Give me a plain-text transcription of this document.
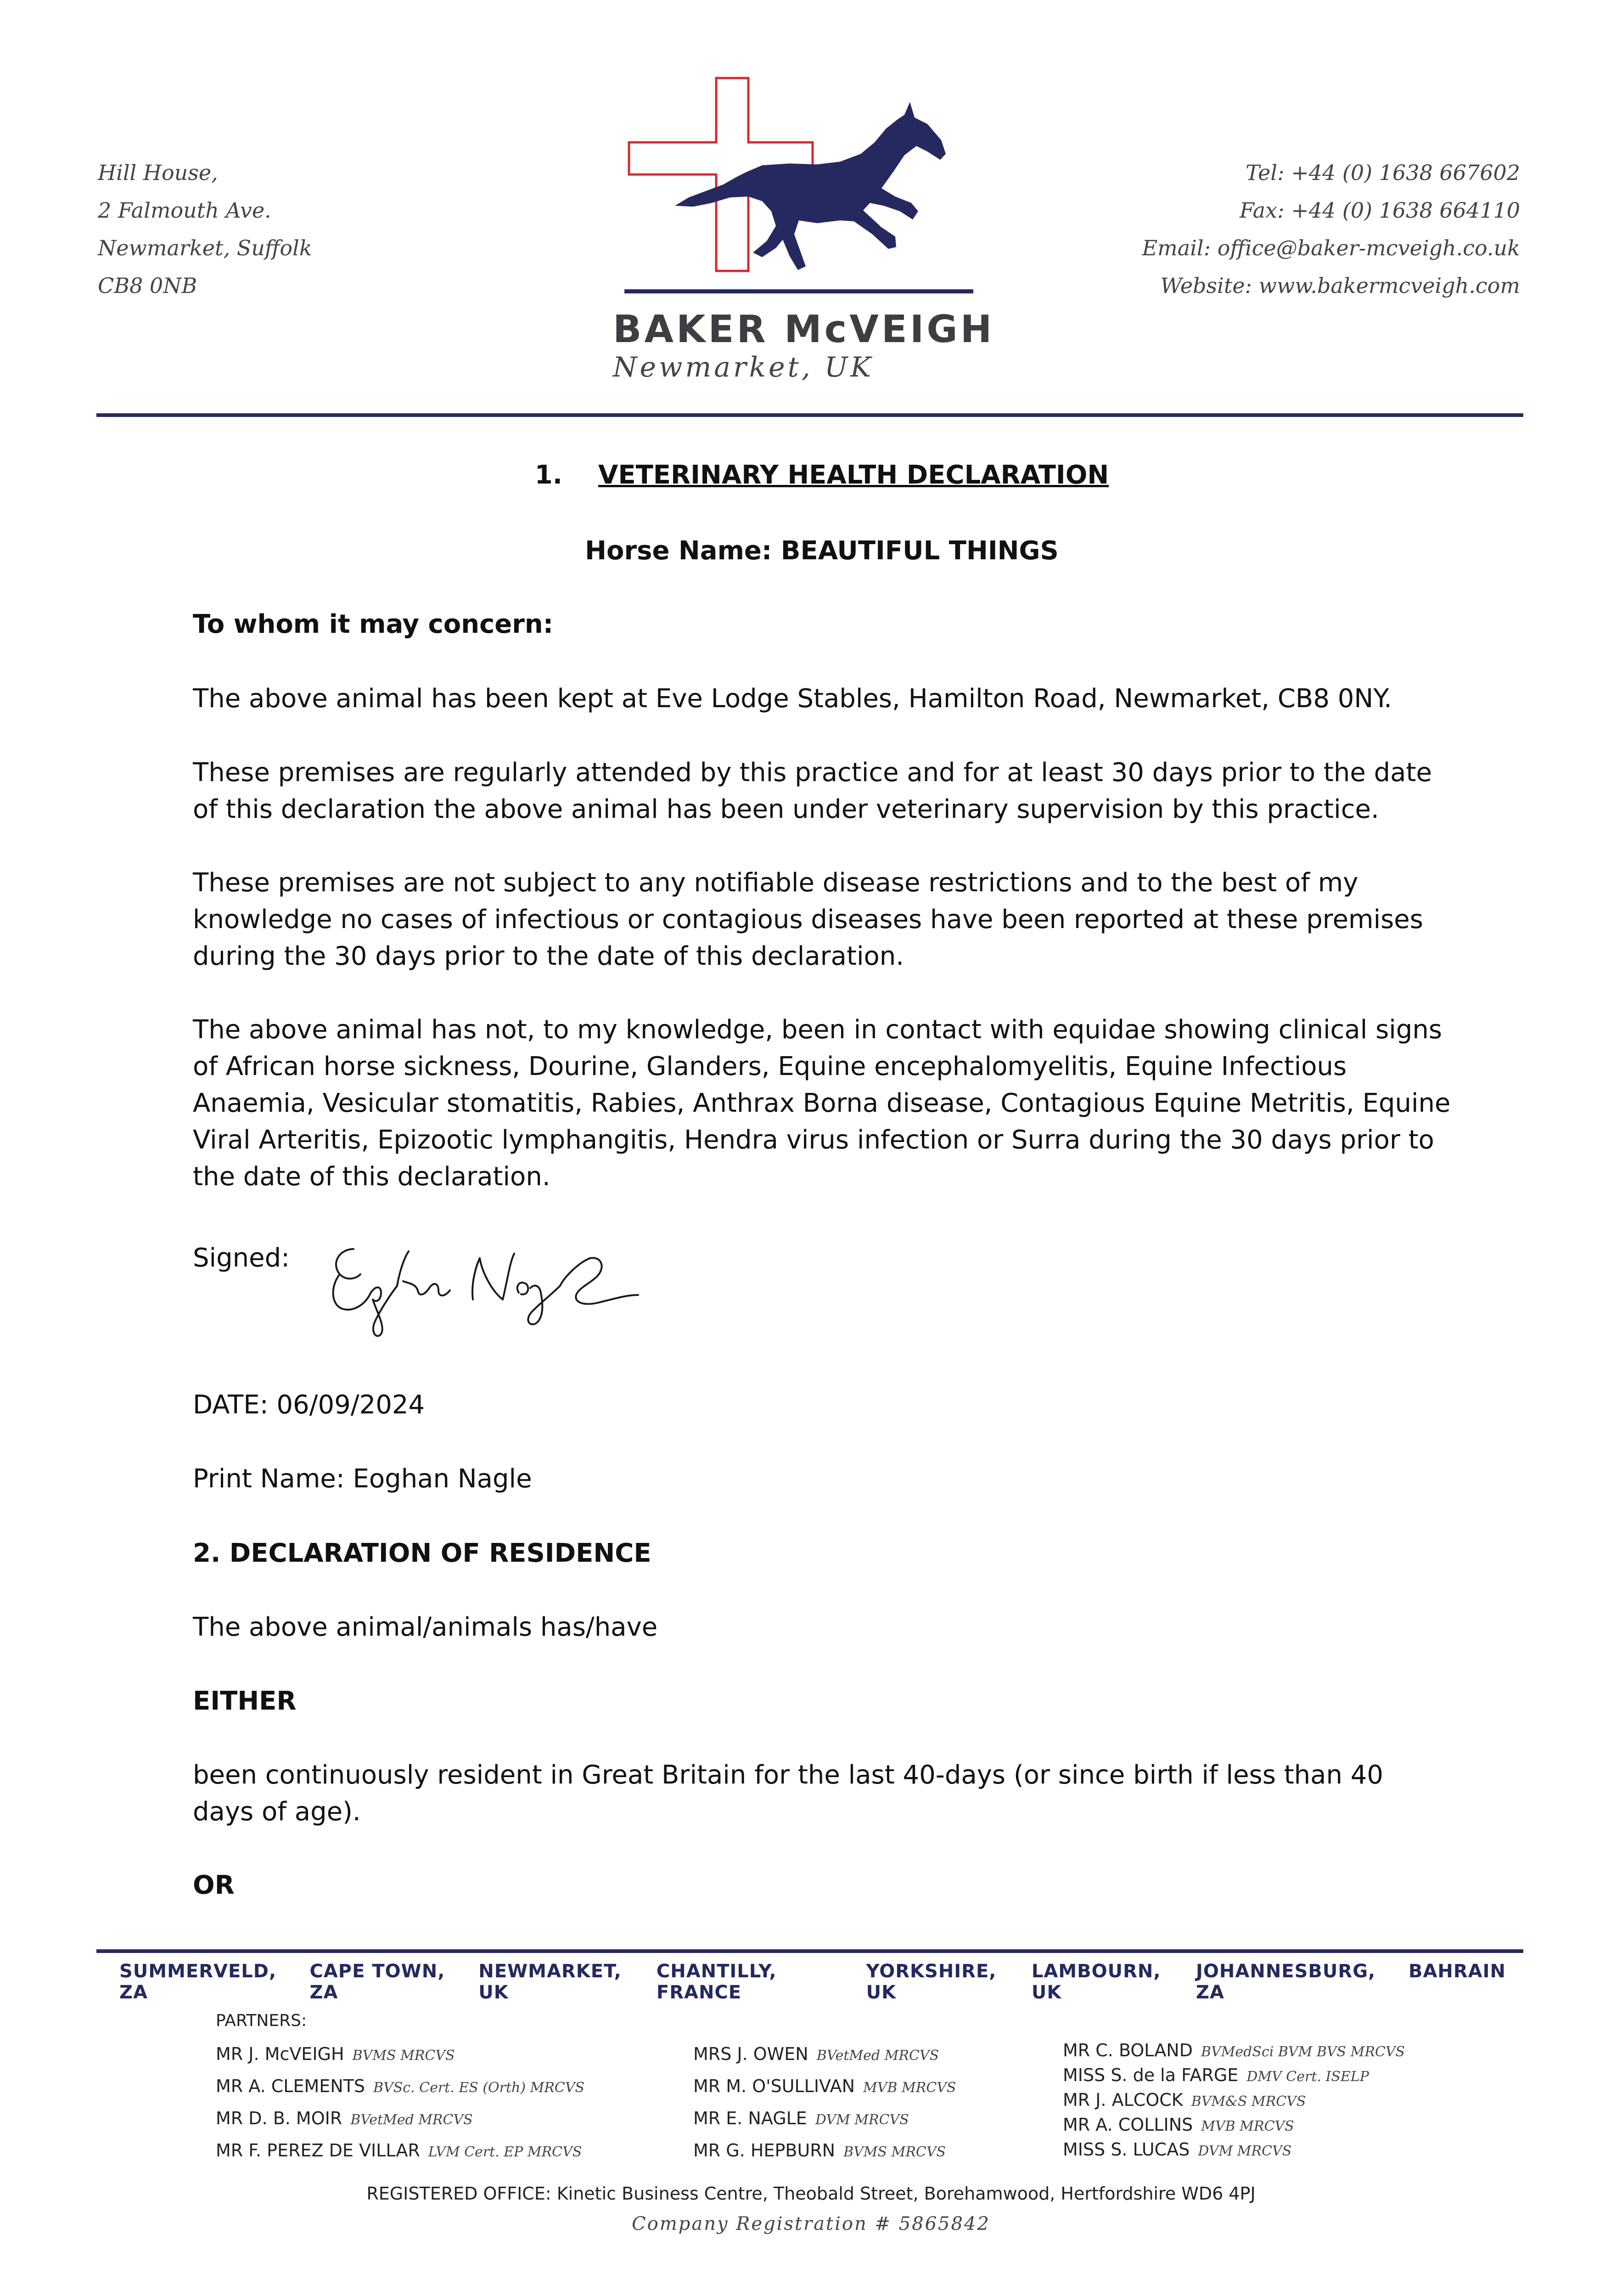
Hill House,
2 Falmouth Ave.
Newmarket, Suffolk
CB8 0NB
BAKER McVEIGH
Newmarket, UK
Tel: +44 (0) 1638 667602
Fax: +44 (0) 1638 664110
Email: office@baker-mcveigh.co.uk
Website: www.bakermcveigh.com
1. VETERINARY HEALTH DECLARATION
Horse Name: BEAUTIFUL THINGS
To whom it may concern:
The above animal has been kept at Eve Lodge Stables, Hamilton Road, Newmarket, CB8 0NY.
These premises are regularly attended by this practice and for at least 30 days prior to the date of this declaration the above animal has been under veterinary supervision by this practice.
These premises are not subject to any notifiable disease restrictions and to the best of my knowledge no cases of infectious or contagious diseases have been reported at these premises during the 30 days prior to the date of this declaration.
The above animal has not, to my knowledge, been in contact with equidae showing clinical signs of African horse sickness, Dourine, Glanders, Equine encephalomyelitis, Equine Infectious Anaemia, Vesicular stomatitis, Rabies, Anthrax Borna disease, Contagious Equine Metritis, Equine Viral Arteritis, Epizootic lymphangitis, Hendra virus infection or Surra during the 30 days prior to the date of this declaration.
Signed:
DATE: 06/09/2024
Print Name: Eoghan Nagle
2. DECLARATION OF RESIDENCE
The above animal/animals has/have
EITHER
been continuously resident in Great Britain for the last 40-days (or since birth if less than 40 days of age).
OR
SUMMERVELD, ZA
CAPE TOWN, ZA
NEWMARKET, UK
CHANTILLY, FRANCE
YORKSHIRE, UK
LAMBOURN, UK
JOHANNESBURG, ZA
BAHRAIN
PARTNERS:
MR J. McVEIGH BVMS MRCVS
MR A. CLEMENTS BVSc. Cert. ES (Orth) MRCVS
MR D. B. MOIR BVetMed MRCVS
MR F. PEREZ DE VILLAR LVM Cert. EP MRCVS
MRS J. OWEN BVetMed MRCVS
MR M. O'SULLIVAN MVB MRCVS
MR E. NAGLE DVM MRCVS
MR G. HEPBURN BVMS MRCVS
MR C. BOLAND BVMedSci BVM BVS MRCVS
MISS S. de la FARGE DMV Cert. ISELP
MR J. ALCOCK BVM&S MRCVS
MR A. COLLINS MVB MRCVS
MISS S. LUCAS DVM MRCVS
REGISTERED OFFICE: Kinetic Business Centre, Theobald Street, Borehamwood, Hertfordshire WD6 4PJ
Company Registration # 5865842
